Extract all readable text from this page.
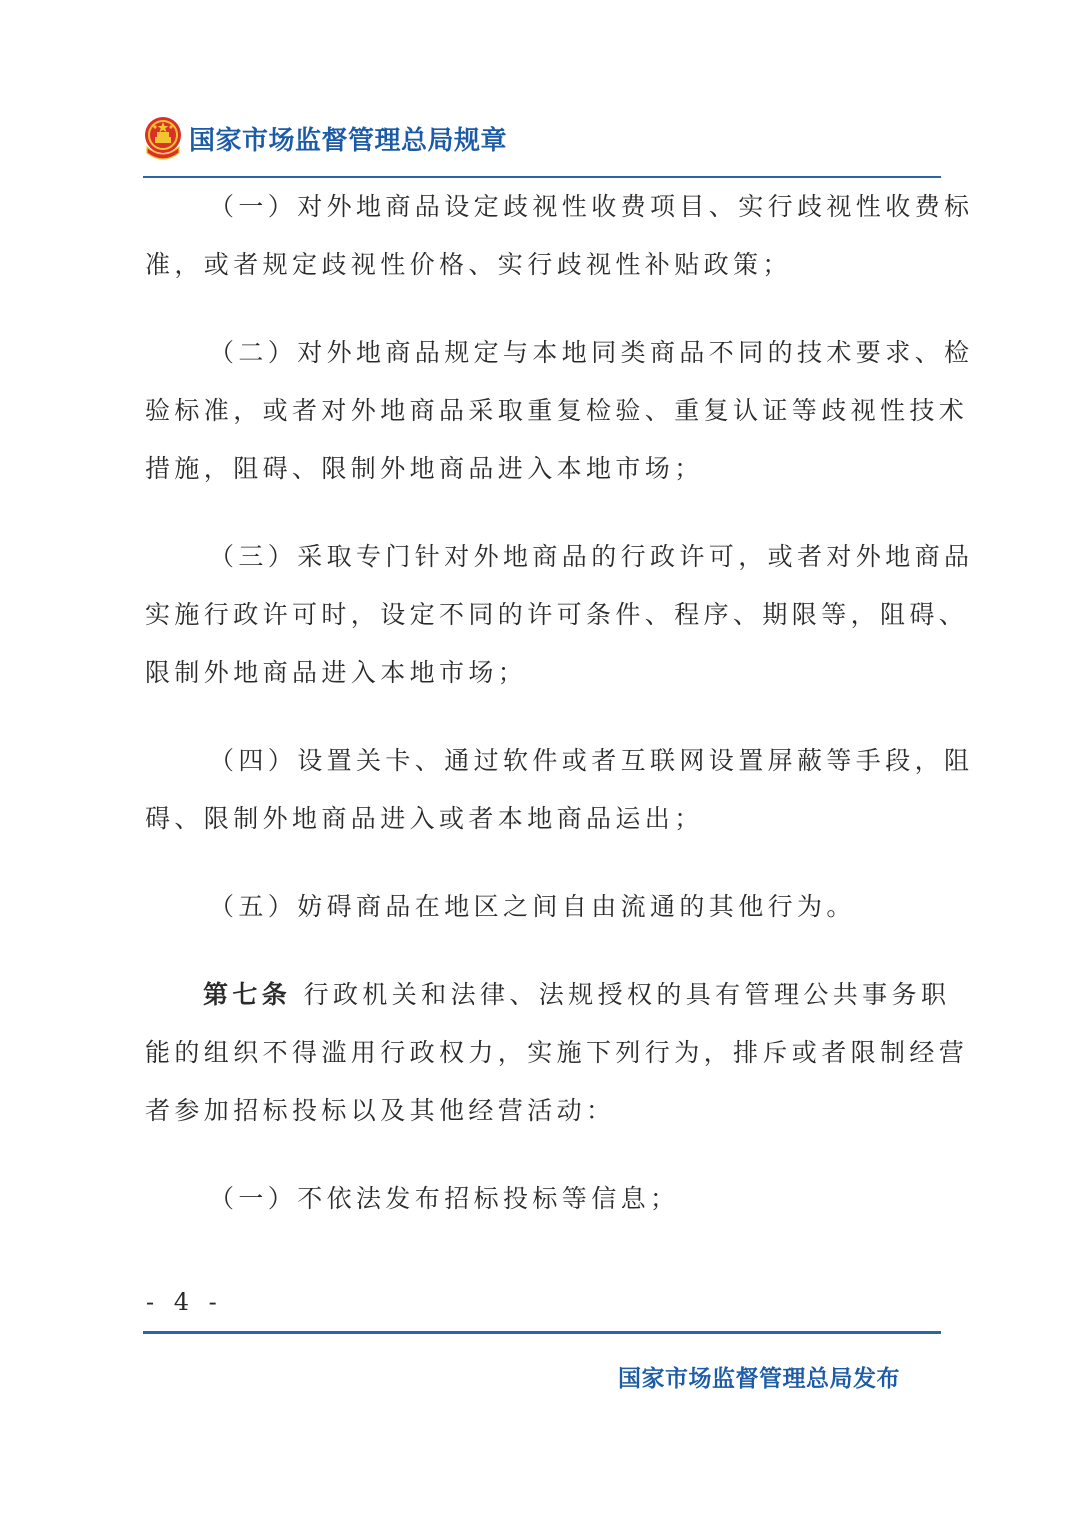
国家市场监督管理总局规章

（一）对外地商品设定歧视性收费项目、实行歧视性收费标

准，或者规定歧视性价格、实行歧视性补贴政策；

（二）对外地商品规定与本地同类商品不同的技术要求、检

验标准，或者对外地商品采取重复检验、重复认证等歧视性技术

措施，阻碍、限制外地商品进入本地市场；

（三）采取专门针对外地商品的行政许可，或者对外地商品

实施行政许可时，设定不同的许可条件、程序、期限等，阻碍、

限制外地商品进入本地市场；

（四）设置关卡、通过软件或者互联网设置屏蔽等手段，阻

碍、限制外地商品进入或者本地商品运出；

（五）妨碍商品在地区之间自由流通的其他行为。

第七条 行政机关和法律、法规授权的具有管理公共事务职

能的组织不得滥用行政权力，实施下列行为，排斥或者限制经营

者参加招标投标以及其他经营活动：

（一）不依法发布招标投标等信息；

- 4 -
国家市场监督管理总局发布
